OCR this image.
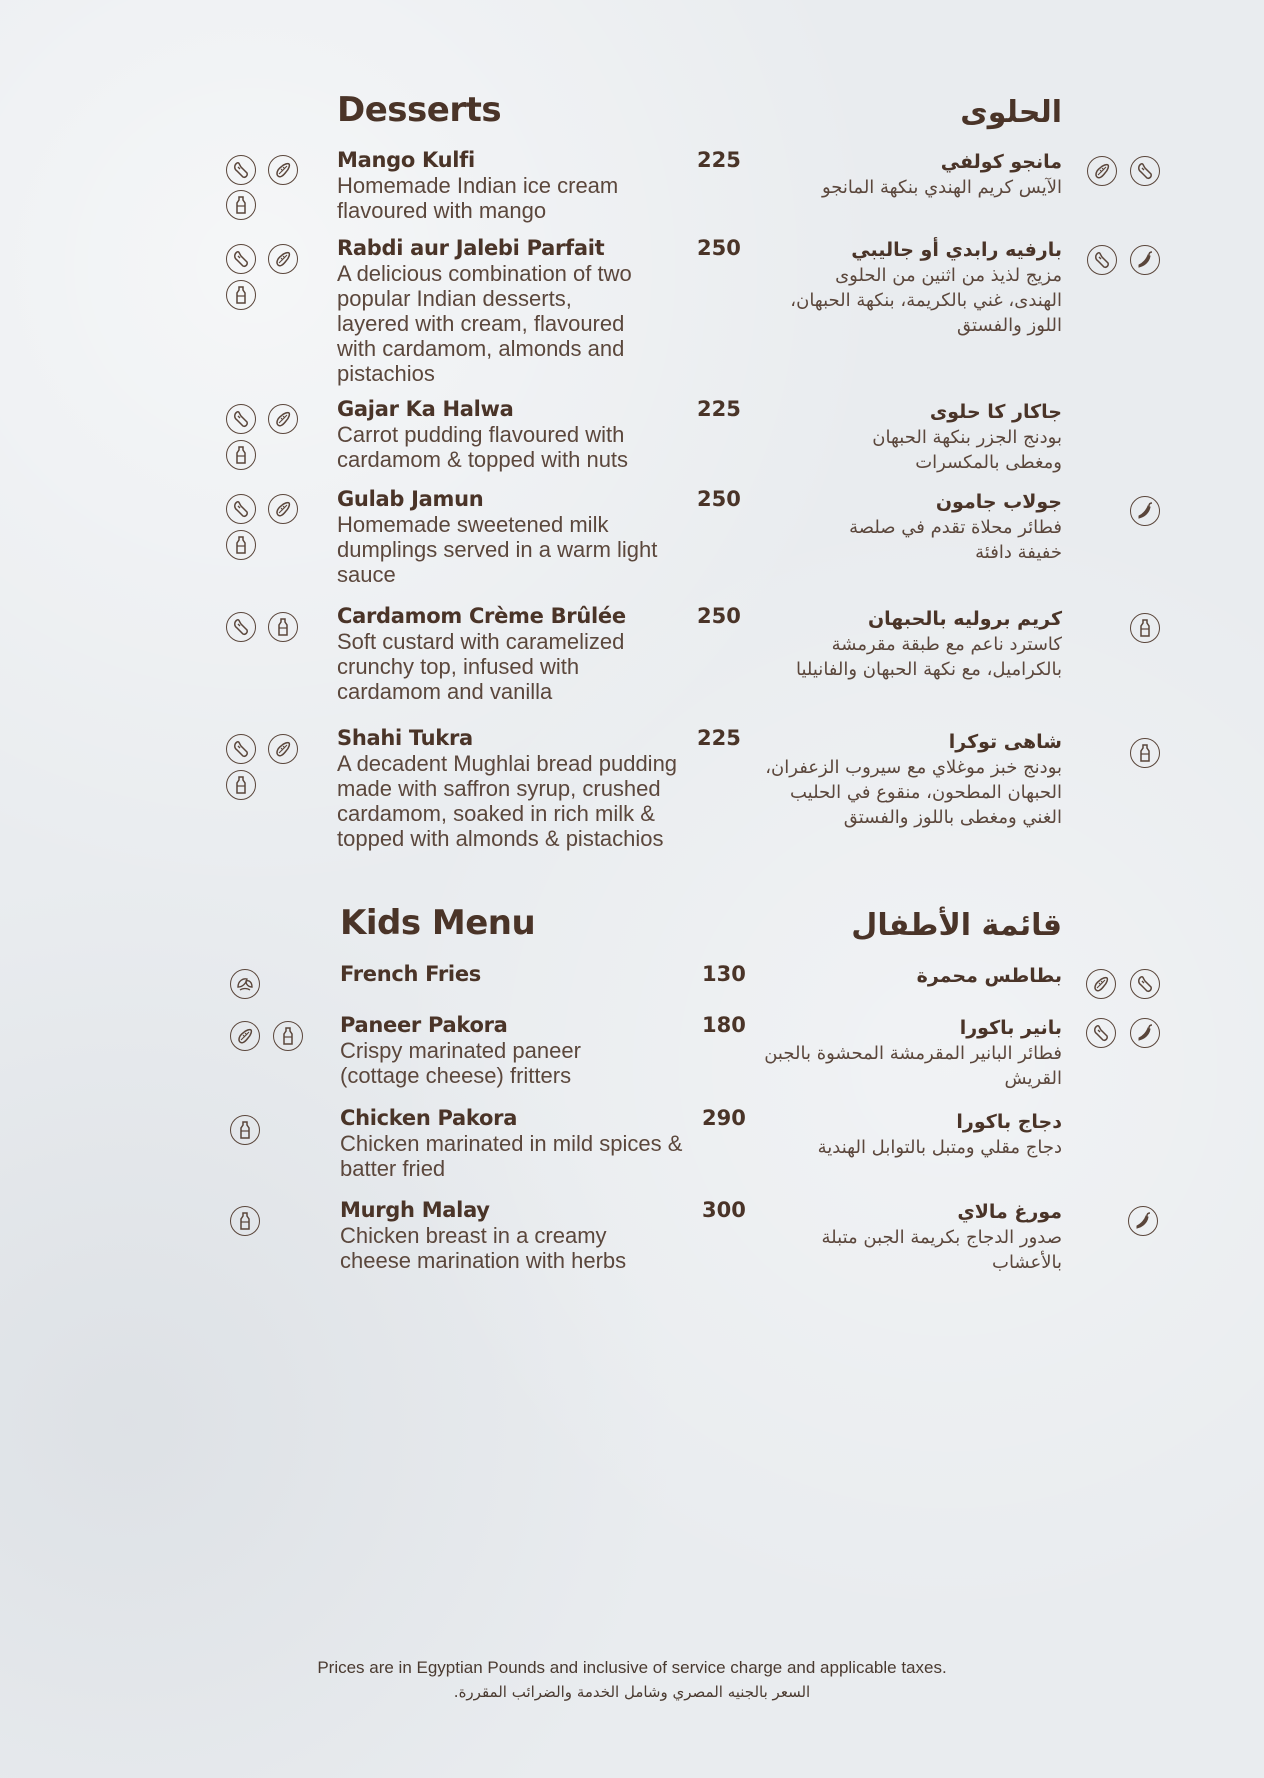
Desserts	الحلوى
Mango Kulfi
Homemade Indian ice cream flavoured with mango
225	مانجو كولفي
الآيس كريم الهندي بنكهة المانجو
Rabdi aur Jalebi Parfait
A delicious combination of two popular Indian desserts, layered with cream, flavoured with cardamom, almonds and pistachios
250	بارفيه رابدي أو جاليبي
مزيج لذيذ من اثنين من الحلوى الهندى، غني بالكريمة، بنكهة الحبهان، اللوز والفستق
Gajar Ka Halwa
Carrot pudding flavoured with cardamom & topped with nuts
225	جاكار كا حلوى
بودنج الجزر بنكهة الحبهان ومغطى بالمكسرات
Gulab Jamun
Homemade sweetened milk dumplings served in a warm light sauce
250	جولاب جامون
فطائر محلاة تقدم في صلصة خفيفة دافئة
Cardamom Crème Brûlée
Soft custard with caramelized crunchy top, infused with cardamom and vanilla
250	كريم بروليه بالحبهان
كاسترد ناعم مع طبقة مقرمشة بالكراميل، مع نكهة الحبهان والفانيليا
Shahi Tukra
A decadent Mughlai bread pudding made with saffron syrup, crushed cardamom, soaked in rich milk & topped with almonds & pistachios
225	شاهى توكرا
بودنج خبز موغلاي مع سيروب الزعفران، الحبهان المطحون، منقوع في الحليب الغني ومغطى باللوز والفستق
Kids Menu	قائمة الأطفال
French Fries	130	بطاطس محمرة
Paneer Pakora
Crispy marinated paneer (cottage cheese) fritters
180	بانير باكورا
فطائر البانير المقرمشة المحشوة بالجبن القريش
Chicken Pakora
Chicken marinated in mild spices & batter fried
290	دجاج باكورا
دجاج مقلي ومتبل بالتوابل الهندية
Murgh Malay
Chicken breast in a creamy cheese marination with herbs
300	مورغ مالاي
صدور الدجاج بكريمة الجبن متبلة بالأعشاب
Prices are in Egyptian Pounds and inclusive of service charge and applicable taxes.
السعر بالجنيه المصري وشامل الخدمة والضرائب المقررة.
